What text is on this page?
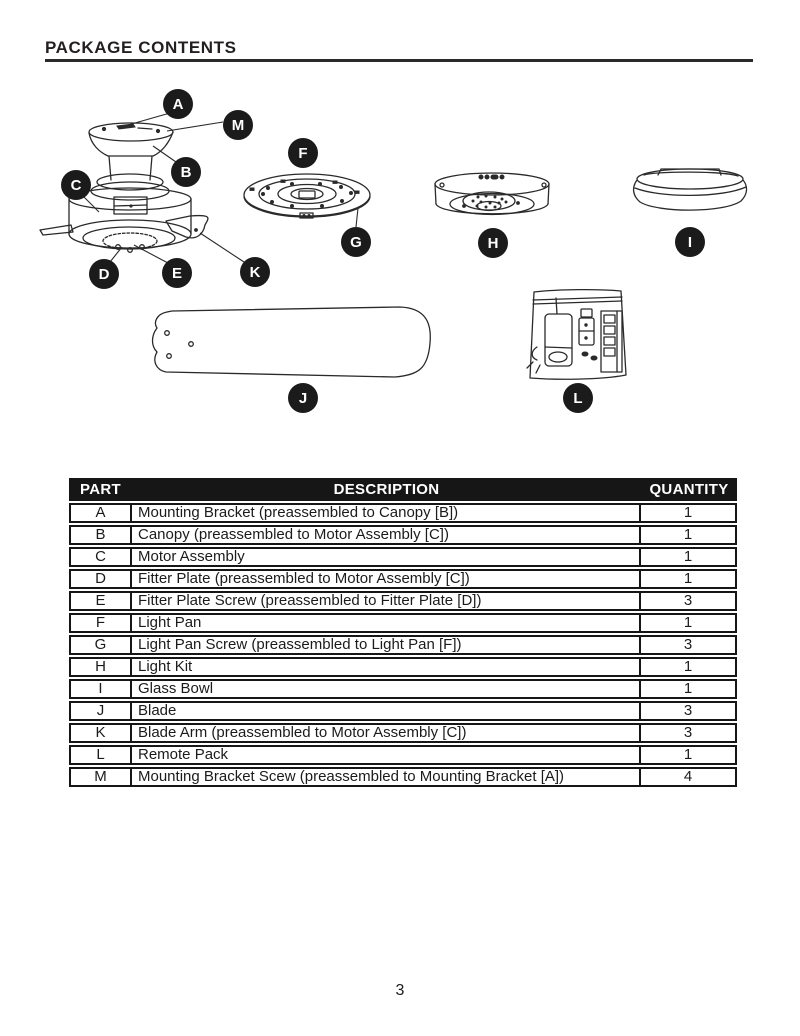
PACKAGE CONTENTS
A
M
B
C
D	E	K
F
G	H	I
J	L
PART	DESCRIPTION	QUANTITY
A	Mounting Bracket (preassembled to Canopy [B])	1
B	Canopy (preassembled to Motor Assembly [C])	1
C	Motor Assembly	1
D	Fitter Plate (preassembled to Motor Assembly [C])	1
E	Fitter Plate Screw (preassembled to Fitter Plate [D])	3
F	Light Pan	1
G	Light Pan Screw (preassembled to Light Pan [F])	3
H	Light Kit	1
I	Glass Bowl	1
J	Blade	3
K	Blade Arm (preassembled to Motor Assembly [C])	3
L	Remote Pack	1
M	Mounting Bracket Scew (preassembled to Mounting Bracket [A])	4
3
